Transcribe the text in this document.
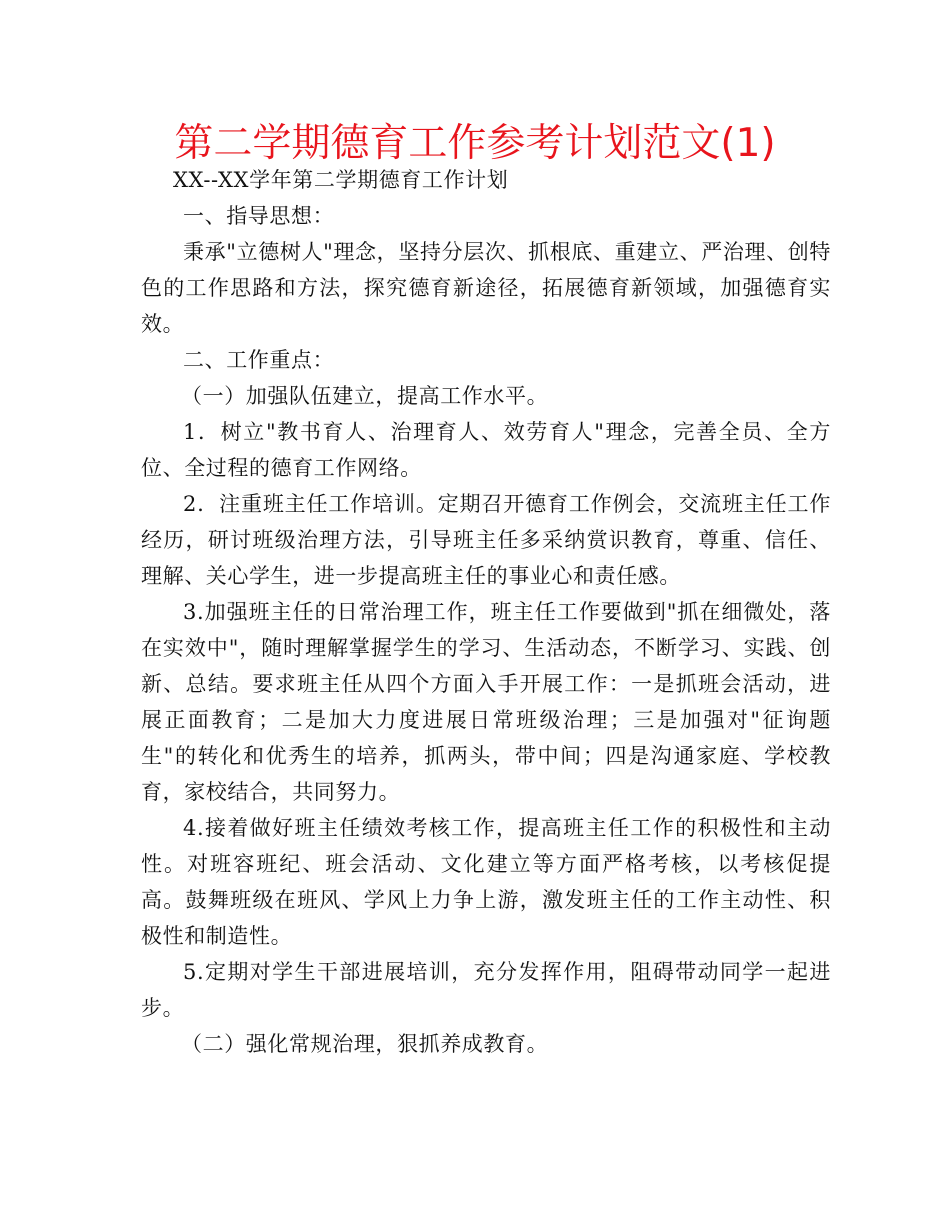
第二学期德育工作参考计划范文(1)

XX--XX学年第二学期德育工作计划

一、指导思想：

秉承"立德树人"理念，坚持分层次、抓根底、重建立、严治理、创特色的工作思路和方法，探究德育新途径，拓展德育新领域，加强德育实效。

二、工作重点：

（一）加强队伍建立，提高工作水平。

1．树立"教书育人、治理育人、效劳育人"理念，完善全员、全方位、全过程的德育工作网络。

2．注重班主任工作培训。定期召开德育工作例会，交流班主任工作经历，研讨班级治理方法，引导班主任多采纳赏识教育，尊重、信任、理解、关心学生，进一步提高班主任的事业心和责任感。

3.加强班主任的日常治理工作，班主任工作要做到"抓在细微处，落在实效中"，随时理解掌握学生的学习、生活动态，不断学习、实践、创新、总结。要求班主任从四个方面入手开展工作：一是抓班会活动，进展正面教育；二是加大力度进展日常班级治理；三是加强对"征询题生"的转化和优秀生的培养，抓两头，带中间；四是沟通家庭、学校教育，家校结合，共同努力。

4.接着做好班主任绩效考核工作，提高班主任工作的积极性和主动性。对班容班纪、班会活动、文化建立等方面严格考核，以考核促提高。鼓舞班级在班风、学风上力争上游，激发班主任的工作主动性、积极性和制造性。

5.定期对学生干部进展培训，充分发挥作用，阻碍带动同学一起进步。

（二）强化常规治理，狠抓养成教育。
